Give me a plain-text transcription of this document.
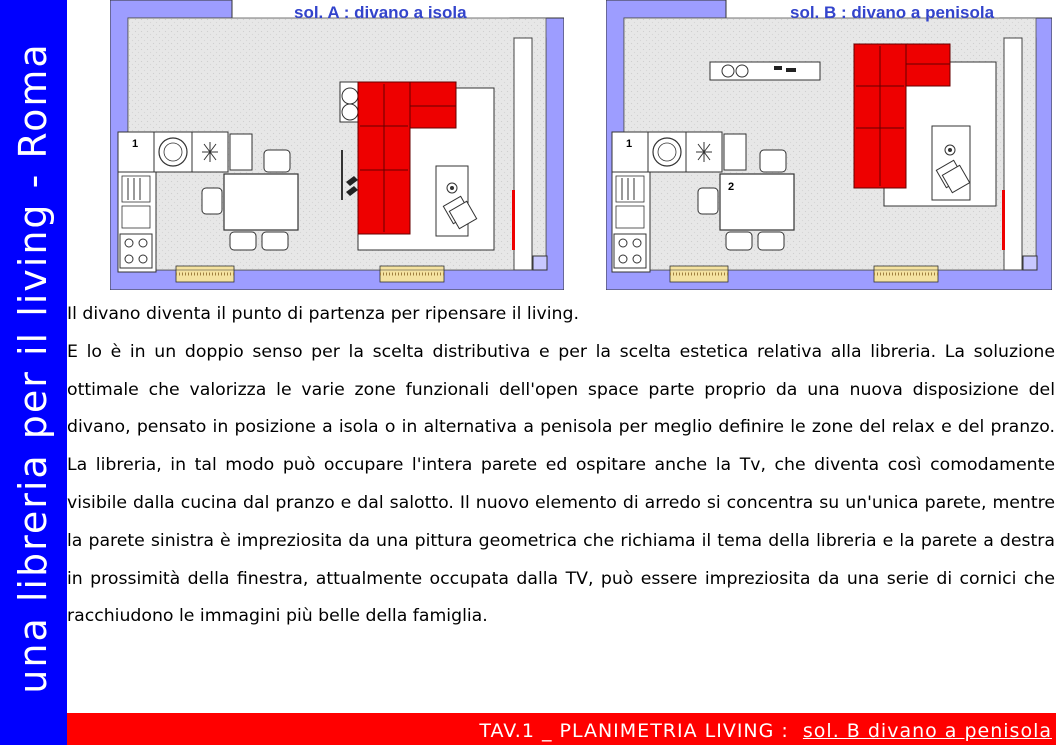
una libreria per il living - Roma	1
sol. A : divano a isola
1
2
sol. B : divano a penisola

Il divano diventa il punto di partenza per ripensare il living.

E lo è in un doppio senso per la scelta distributiva e per la scelta estetica relativa alla libreria. La soluzione ottimale che valorizza le varie zone funzionali dell'open space parte proprio da una nuova disposizione del divano, pensato in posizione a isola o in alternativa a penisola per meglio definire le zone del relax e del pranzo. La libreria, in tal modo può occupare l'intera parete ed ospitare anche la Tv, che diventa così comodamente visibile dalla cucina dal pranzo e dal salotto. Il nuovo elemento di arredo si concentra su un'unica parete, mentre la parete sinistra è impreziosita da una pittura geometrica che richiama il tema della libreria e la parete a destra in prossimità della finestra, attualmente occupata dalla TV, può essere impreziosita da una serie di cornici che racchiudono le immagini più belle della famiglia.

TAV.1 _ PLANIMETRIA LIVING : sol. B divano a penisola
